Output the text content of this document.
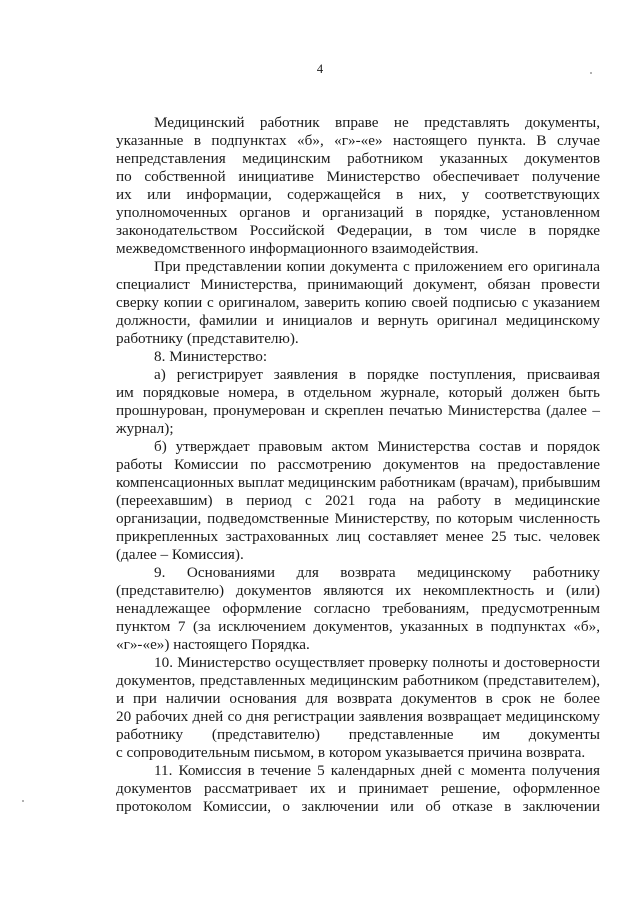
4
Медицинский работник вправе не представлять документы,
указанные в подпунктах «б», «г»-«е» настоящего пункта. В случае
непредставления медицинским работником указанных документов
по собственной инициативе Министерство обеспечивает получение
их или информации, содержащейся в них, у соответствующих
уполномоченных органов и организаций в порядке, установленном
законодательством Российской Федерации, в том числе в порядке
межведомственного информационного взаимодействия.
При представлении копии документа с приложением его оригинала
специалист Министерства, принимающий документ, обязан провести
сверку копии с оригиналом, заверить копию своей подписью с указанием
должности, фамилии и инициалов и вернуть оригинал медицинскому
работнику (представителю).
8. Министерство:
а) регистрирует заявления в порядке поступления, присваивая
им порядковые номера, в отдельном журнале, который должен быть
прошнурован, пронумерован и скреплен печатью Министерства (далее –
журнал);
б) утверждает правовым актом Министерства состав и порядок
работы Комиссии по рассмотрению документов на предоставление
компенсационных выплат медицинским работникам (врачам), прибывшим
(переехавшим) в период с 2021 года на работу в медицинские
организации, подведомственные Министерству, по которым численность
прикрепленных застрахованных лиц составляет менее 25 тыс. человек
(далее – Комиссия).
9. Основаниями для возврата медицинскому работнику
(представителю) документов являются их некомплектность и (или)
ненадлежащее оформление согласно требованиям, предусмотренным
пунктом 7 (за исключением документов, указанных в подпунктах «б»,
«г»-«е») настоящего Порядка.
10. Министерство осуществляет проверку полноты и достоверности
документов, представленных медицинским работником (представителем),
и при наличии основания для возврата документов в срок не более
20 рабочих дней со дня регистрации заявления возвращает медицинскому
работнику (представителю) представленные им документы
с сопроводительным письмом, в котором указывается причина возврата.
11. Комиссия в течение 5 календарных дней с момента получения
документов рассматривает их и принимает решение, оформленное
протоколом Комиссии, о заключении или об отказе в заключении
